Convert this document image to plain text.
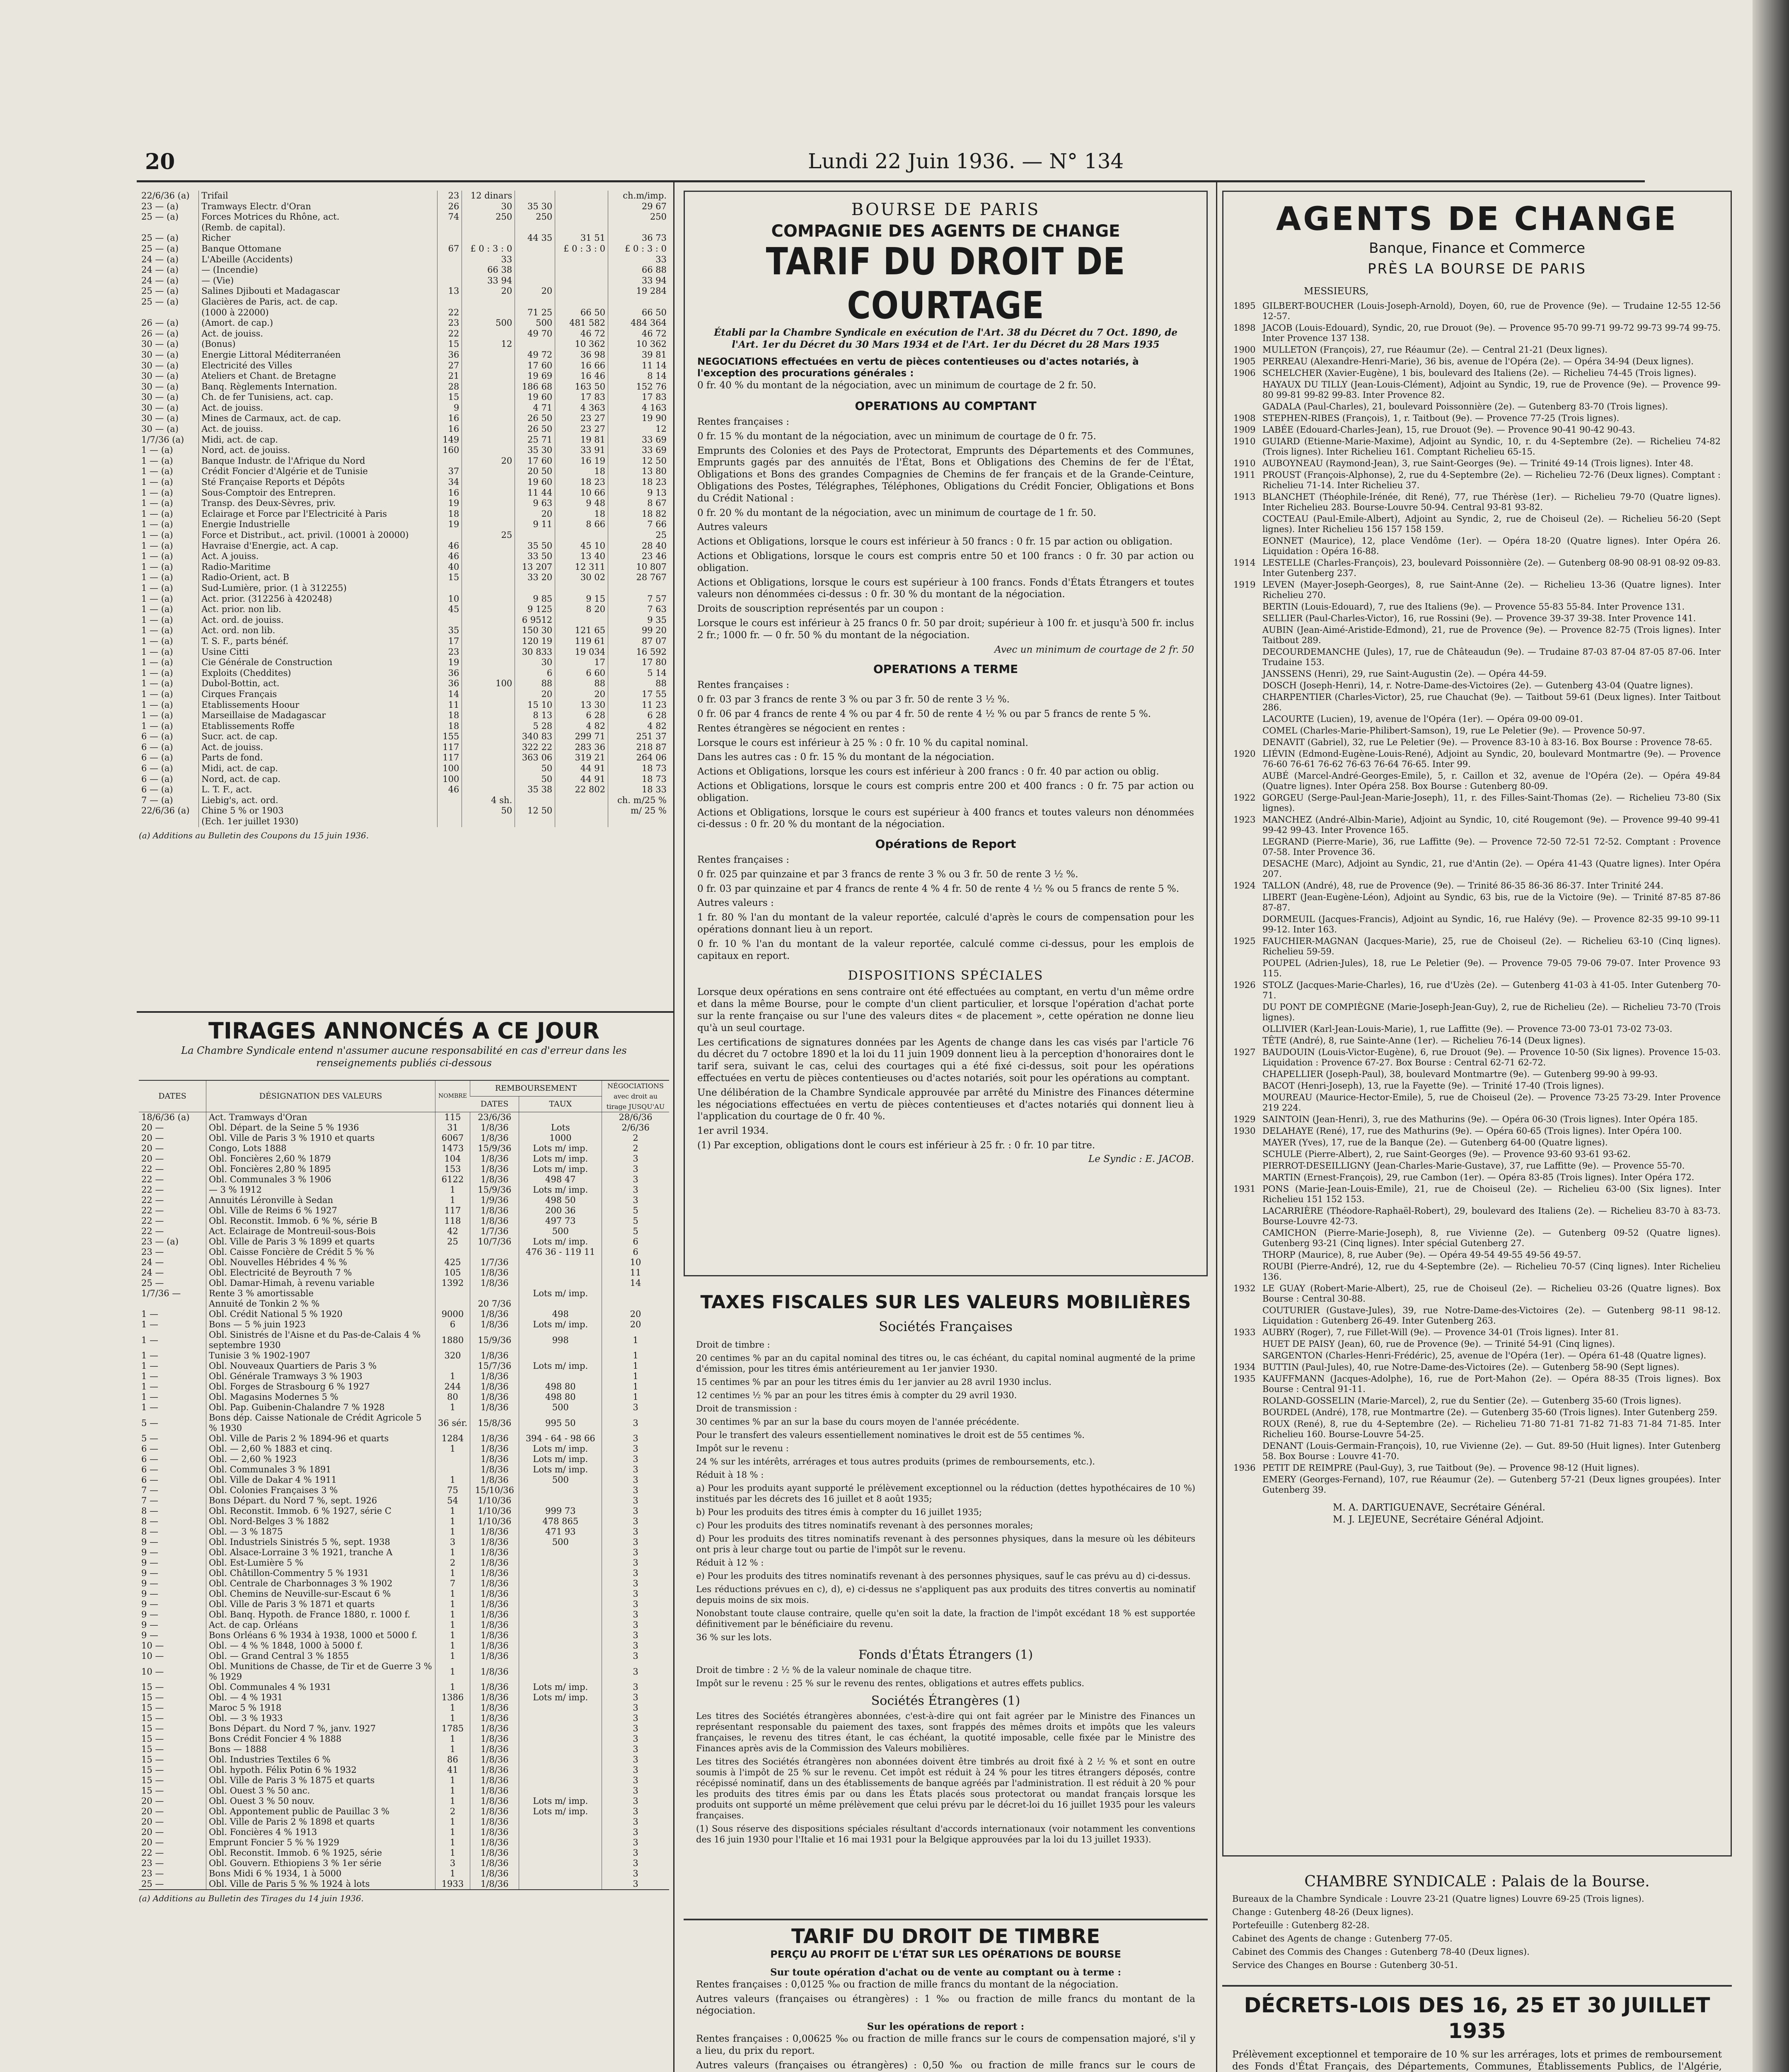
20	Lundi 22 Juin 1936. — N° 134
22/6/36 (a)	Trifail	23	12 dinars			ch.m/imp.
23 — (a)	Tramways Electr. d'Oran	26	30	35 30		29 67
25 — (a)	Forces Motrices du Rhône, act.	74	250	250		250
	(Remb. de capital).					
25 — (a)	Richer			44 35	31 51	36 73
25 — (a)	Banque Ottomane	67	£ 0 : 3 : 0		£ 0 : 3 : 0	£ 0 : 3 : 0
24 — (a)	L'Abeille (Accidents)		33			33
24 — (a)	— (Incendie)		66 38			66 88
24 — (a)	— (Vie)		33 94			33 94
25 — (a)	Salines Djibouti et Madagascar	13	20	20		19 284
25 — (a)	Glacières de Paris, act. de cap.					
	(1000 à 22000)	22		71 25	66 50	66 50
26 — (a)	(Amort. de cap.)	23	500	500	481 582	484 364
26 — (a)	Act. de jouiss.	22		49 70	46 72	46 72
30 — (a)	(Bonus)	15	12		10 362	10 362
30 — (a)	Energie Littoral Méditerranéen	36		49 72	36 98	39 81
30 — (a)	Electricité des Villes	27		17 60	16 66	11 14
30 — (a)	Ateliers et Chant. de Bretagne	21		19 69	16 46	8 14
30 — (a)	Banq. Règlements Internation.	28		186 68	163 50	152 76
30 — (a)	Ch. de fer Tunisiens, act. cap.	15		19 60	17 83	17 83
30 — (a)	Act. de jouiss.	9		4 71	4 363	4 163
30 — (a)	Mines de Carmaux, act. de cap.	16		26 50	23 27	19 90
30 — (a)	Act. de jouiss.	16		26 50	23 27	12
1/7/36 (a)	Midi, act. de cap.	149		25 71	19 81	33 69
1 — (a)	Nord, act. de jouiss.	160		35 30	33 91	33 69
1 — (a)	Banque Industr. de l'Afrique du Nord		20	17 60	16 19	12 50
1 — (a)	Crédit Foncier d'Algérie et de Tunisie	37		20 50	18	13 80
1 — (a)	Sté Française Reports et Dépôts	34		19 60	18 23	18 23
1 — (a)	Sous-Comptoir des Entrepren.	16		11 44	10 66	9 13
1 — (a)	Transp. des Deux-Sèvres, priv.	19		9 63	9 48	8 67
1 — (a)	Eclairage et Force par l'Electricité à Paris	18		20	18	18 82
1 — (a)	Energie Industrielle	19		9 11	8 66	7 66
1 — (a)	Force et Distribut., act. privil. (10001 à 20000)		25			25
1 — (a)	Havraise d'Energie, act. A cap.	46		35 50	45 10	28 40
1 — (a)	Act. A jouiss.	46		33 50	13 40	23 46
1 — (a)	Radio-Maritime	40		13 207	12 311	10 807
1 — (a)	Radio-Orient, act. B	15		33 20	30 02	28 767
1 — (a)	Sud-Lumière, prior. (1 à 312255)					
1 — (a)	Act. prior. (312256 à 420248)	10		9 85	9 15	7 57
1 — (a)	Act. prior. non lib.	45		9 125	8 20	7 63
1 — (a)	Act. ord. de jouiss.			6 9512		9 35
1 — (a)	Act. ord. non lib.	35		150 30	121 65	99 20
1 — (a)	T. S. F., parts bénéf.	17		120 19	119 61	87 07
1 — (a)	Usine Citti	23		30 833	19 034	16 592
1 — (a)	Cie Générale de Construction	19		30	17	17 80
1 — (a)	Exploits (Cheddites)	36		6	6 60	5 14
1 — (a)	Dubol-Bottin, act.	36	100	88	88	88
1 — (a)	Cirques Français	14		20	20	17 55
1 — (a)	Etablissements Hoour	11		15 10	13 30	11 23
1 — (a)	Marseillaise de Madagascar	18		8 13	6 28	6 28
1 — (a)	Etablissements Roffe	18		5 28	4 82	4 82
6 — (a)	Sucr. act. de cap.	155		340 83	299 71	251 37
6 — (a)	Act. de jouiss.	117		322 22	283 36	218 87
6 — (a)	Parts de fond.	117		363 06	319 21	264 06
6 — (a)	Midi, act. de cap.	100		50	44 91	18 73
6 — (a)	Nord, act. de cap.	100		50	44 91	18 73
6 — (a)	L. T. F., act.	46		35 38	22 802	18 33
7 — (a)	Liebig's, act. ord.		4 sh.			ch. m/25 %
22/6/36 (a)	Chine 5 % or 1903		50	12 50		m/ 25 %
	(Ech. 1er juillet 1930)					
(a) Additions au Bulletin des Coupons du 15 juin 1936.
TIRAGES ANNONCÉS A CE JOUR
La Chambre Syndicale entend n'assumer aucune responsabilité en cas d'erreur dans les renseignements publiés ci-dessous
DATES	DÉSIGNATION DES VALEURS	NOMBRE	REMBOURSEMENT		NÉGOCIATIONS avec droit au tirage JUSQU'AU
			DATES	TAUX	
18/6/36 (a)	Act. Tramways d'Oran	115	23/6/36		28/6/36
20 —	Obl. Départ. de la Seine 5 % 1936	31	1/8/36	Lots	2/6/36
20 —	Obl. Ville de Paris 3 % 1910 et quarts	6067	1/8/36	1000	2
20 —	Congo, Lots 1888	1473	15/9/36	Lots m/ imp.	2
20 —	Obl. Foncières 2,60 % 1879	104	1/8/36	Lots m/ imp.	3
22 —	Obl. Foncières 2,80 % 1895	153	1/8/36	Lots m/ imp.	3
22 —	Obl. Communales 3 % 1906	6122	1/8/36	498 47	3
22 —	— 3 % 1912	1	15/9/36	Lots m/ imp.	3
22 —	Annuités Léronville à Sedan	1	1/9/36	498 50	3
22 —	Obl. Ville de Reims 6 % 1927	117	1/8/36	200 36	5
22 —	Obl. Reconstit. Immob. 6 % %, série B	118	1/8/36	497 73	5
22 —	Act. Eclairage de Montreuil-sous-Bois	42	1/7/36	500	5
23 — (a)	Obl. Ville de Paris 3 % 1899 et quarts	25	10/7/36	Lots m/ imp.	6
23 —	Obl. Caisse Foncière de Crédit 5 % %			476 36 - 119 11	6
24 —	Obl. Nouvelles Hébrides 4 % %	425	1/7/36		10
24 —	Obl. Electricité de Beyrouth 7 %	105	1/8/36		11
25 —	Obl. Damar-Himah, à revenu variable	1392	1/8/36		14
1/7/36 —	Rente 3 % amortissable			Lots m/ imp.	
	Annuité de Tonkin 2 % %		20 7/36		
1 —	Obl. Crédit National 5 % 1920	9000	1/8/36	498	20
1 —	Bons — 5 % juin 1923	6	1/8/36	Lots m/ imp.	20
1 —	Obl. Sinistrés de l'Aisne et du Pas-de-Calais 4 % septembre 1930	1880	15/9/36	998	1
1 —	Tunisie 3 % 1902-1907	320	1/8/36		1
1 —	Obl. Nouveaux Quartiers de Paris 3 %		15/7/36	Lots m/ imp.	1
1 —	Obl. Générale Tramways 3 % 1903	1	1/8/36		1
1 —	Obl. Forges de Strasbourg 6 % 1927	244	1/8/36	498 80	1
1 —	Obl. Magasins Modernes 5 %	80	1/8/36	498 80	1
1 —	Obl. Pap. Guibenin-Chalandre 7 % 1928	1	1/8/36	500	3
5 —	Bons dép. Caisse Nationale de Crédit Agricole 5 % 1930	36 sér.	15/8/36	995 50	3
5 —	Obl. Ville de Paris 2 % 1894-96 et quarts	1284	1/8/36	394 - 64 - 98 66	3
6 —	Obl. — 2,60 % 1883 et cinq.	1	1/8/36	Lots m/ imp.	3
6 —	Obl. — 2,60 % 1923		1/8/36	Lots m/ imp.	3
6 —	Obl. Communales 3 % 1891		1/8/36	Lots m/ imp.	3
6 —	Obl. Ville de Dakar 4 % 1911	1	1/8/36	500	3
7 —	Obl. Colonies Françaises 3 %	75	15/10/36		3
7 —	Bons Départ. du Nord 7 %, sept. 1926	54	1/10/36		3
8 —	Obl. Reconstit. Immob. 6 % 1927, série C	1	1/10/36	999 73	3
8 —	Obl. Nord-Belges 3 % 1882	1	1/10/36	478 865	3
8 —	Obl. — 3 % 1875	1	1/8/36	471 93	3
9 —	Obl. Industriels Sinistrés 5 %, sept. 1938	3	1/8/36	500	3
9 —	Obl. Alsace-Lorraine 3 % 1921, tranche A	1	1/8/36		3
9 —	Obl. Est-Lumière 5 %	2	1/8/36		3
9 —	Obl. Châtillon-Commentry 5 % 1931	1	1/8/36		3
9 —	Obl. Centrale de Charbonnages 3 % 1902	7	1/8/36		3
9 —	Obl. Chemins de Neuville-sur-Escaut 6 %	1	1/8/36		3
9 —	Obl. Ville de Paris 3 % 1871 et quarts	1	1/8/36		3
9 —	Obl. Banq. Hypoth. de France 1880, r. 1000 f.	1	1/8/36		3
9 —	Act. de cap. Orléans	1	1/8/36		3
9 —	Bons Orléans 6 % 1934 à 1938, 1000 et 5000 f.	1	1/8/36		3
10 —	Obl. — 4 % % 1848, 1000 à 5000 f.	1	1/8/36		3
10 —	Obl. — Grand Central 3 % 1855	1	1/8/36		3
10 —	Obl. Munitions de Chasse, de Tir et de Guerre 3 % % 1929	1	1/8/36		3
15 —	Obl. Communales 4 % 1931	1	1/8/36	Lots m/ imp.	3
15 —	Obl. — 4 % 1931	1386	1/8/36	Lots m/ imp.	3
15 —	Maroc 5 % 1918	1	1/8/36		3
15 —	Obl. — 3 % 1933	1	1/8/36		3
15 —	Bons Départ. du Nord 7 %, janv. 1927	1785	1/8/36		3
15 —	Bons Crédit Foncier 4 % 1888	1	1/8/36		3
15 —	Bons — 1888	1	1/8/36		3
15 —	Obl. Industries Textiles 6 %	86	1/8/36		3
15 —	Obl. hypoth. Félix Potin 6 % 1932	41	1/8/36		3
15 —	Obl. Ville de Paris 3 % 1875 et quarts	1	1/8/36		3
15 —	Obl. Ouest 3 % 50 anc.	1	1/8/36		3
20 —	Obl. Ouest 3 % 50 nouv.	1	1/8/36	Lots m/ imp.	3
20 —	Obl. Appontement public de Pauillac 3 %	2	1/8/36	Lots m/ imp.	3
20 —	Obl. Ville de Paris 2 % 1898 et quarts	1	1/8/36		3
20 —	Obl. Foncières 4 % 1913	1	1/8/36		3
20 —	Emprunt Foncier 5 % % 1929	1	1/8/36		3
22 —	Obl. Reconstit. Immob. 6 % 1925, série	1	1/8/36		3
23 —	Obl. Gouvern. Ethiopiens 3 % 1er série	3	1/8/36		3
23 —	Bons Midi 6 % 1934, 1 à 5000	1	1/8/36		3
25 —	Obl. Ville de Paris 5 % % 1924 à lots	1933	1/8/36		3
(a) Additions au Bulletin des Tirages du 14 juin 1936.
BOURSE DE PARIS
COMPAGNIE DES AGENTS DE CHANGE
TARIF DU DROIT DE COURTAGE
Établi par la Chambre Syndicale en exécution de l'Art. 38 du Décret du 7 Oct. 1890, de l'Art. 1er du Décret du 30 Mars 1934 et de l'Art. 1er du Décret du 28 Mars 1935
NEGOCIATIONS effectuées en vertu de pièces contentieuses ou d'actes notariés, à l'exception des procurations générales :
0 fr. 40 % du montant de la négociation, avec un minimum de courtage de 2 fr. 50.
OPERATIONS AU COMPTANT

Rentes françaises :

0 fr. 15 % du montant de la négociation, avec un minimum de courtage de 0 fr. 75.

Emprunts des Colonies et des Pays de Protectorat, Emprunts des Départements et des Communes, Emprunts gagés par des annuités de l'État, Bons et Obligations des Chemins de fer de l'État, Obligations et Bons des grandes Compagnies de Chemins de fer français et de la Grande-Ceinture, Obligations des Postes, Télégraphes, Téléphones, Obligations du Crédit Foncier, Obligations et Bons du Crédit National :

0 fr. 20 % du montant de la négociation, avec un minimum de courtage de 1 fr. 50.

Autres valeurs

Actions et Obligations, lorsque le cours est inférieur à 50 francs : 0 fr. 15 par action ou obligation.

Actions et Obligations, lorsque le cours est compris entre 50 et 100 francs : 0 fr. 30 par action ou obligation.

Actions et Obligations, lorsque le cours est supérieur à 100 francs. Fonds d'États Étrangers et toutes valeurs non dénommées ci-dessus : 0 fr. 30 % du montant de la négociation.

Droits de souscription représentés par un coupon :

Lorsque le cours est inférieur à 25 francs 0 fr. 50 par droit; supérieur à 100 fr. et jusqu'à 500 fr. inclus 2 fr.; 1000 fr. — 0 fr. 50 % du montant de la négociation.

Avec un minimum de courtage de 2 fr. 50
OPERATIONS A TERME

Rentes françaises :

0 fr. 03 par 3 francs de rente 3 % ou par 3 fr. 50 de rente 3 ½ %.

0 fr. 06 par 4 francs de rente 4 % ou par 4 fr. 50 de rente 4 ½ % ou par 5 francs de rente 5 %.

Rentes étrangères se négocient en rentes :

Lorsque le cours est inférieur à 25 % : 0 fr. 10 % du capital nominal.

Dans les autres cas : 0 fr. 15 % du montant de la négociation.

Actions et Obligations, lorsque les cours est inférieur à 200 francs : 0 fr. 40 par action ou oblig.

Actions et Obligations, lorsque le cours est compris entre 200 et 400 francs : 0 fr. 75 par action ou obligation.

Actions et Obligations, lorsque le cours est supérieur à 400 francs et toutes valeurs non dénommées ci-dessus : 0 fr. 20 % du montant de la négociation.

Opérations de Report

Rentes françaises :

0 fr. 025 par quinzaine et par 3 francs de rente 3 % ou 3 fr. 50 de rente 3 ½ %.

0 fr. 03 par quinzaine et par 4 francs de rente 4 % 4 fr. 50 de rente 4 ½ % ou 5 francs de rente 5 %.

Autres valeurs :

1 fr. 80 % l'an du montant de la valeur reportée, calculé d'après le cours de compensation pour les opérations donnant lieu à un report.

0 fr. 10 % l'an du montant de la valeur reportée, calculé comme ci-dessus, pour les emplois de capitaux en report.

DISPOSITIONS SPÉCIALES

Lorsque deux opérations en sens contraire ont été effectuées au comptant, en vertu d'un même ordre et dans la même Bourse, pour le compte d'un client particulier, et lorsque l'opération d'achat porte sur la rente française ou sur l'une des valeurs dites « de placement », cette opération ne donne lieu qu'à un seul courtage.

Les certifications de signatures données par les Agents de change dans les cas visés par l'article 76 du décret du 7 octobre 1890 et la loi du 11 juin 1909 donnent lieu à la perception d'honoraires dont le tarif sera, suivant le cas, celui des courtages qui a été fixé ci-dessus, soit pour les opérations effectuées en vertu de pièces contentieuses ou d'actes notariés, soit pour les opérations au comptant.

Une délibération de la Chambre Syndicale approuvée par arrêté du Ministre des Finances détermine les négociations effectuées en vertu de pièces contentieuses et d'actes notariés qui donnent lieu à l'application du courtage de 0 fr. 40 %.

1er avril 1934.

(1) Par exception, obligations dont le cours est inférieur à 25 fr. : 0 fr. 10 par titre.

Le Syndic : E. JACOB.
TAXES FISCALES SUR LES VALEURS MOBILIÈRES
Sociétés Françaises

Droit de timbre :

20 centimes % par an du capital nominal des titres ou, le cas échéant, du capital nominal augmenté de la prime d'émission, pour les titres émis antérieurement au 1er janvier 1930.

15 centimes % par an pour les titres émis du 1er janvier au 28 avril 1930 inclus.

12 centimes ½ % par an pour les titres émis à compter du 29 avril 1930.

Droit de transmission :

30 centimes % par an sur la base du cours moyen de l'année précédente.

Pour le transfert des valeurs essentiellement nominatives le droit est de 55 centimes %.

Impôt sur le revenu :

24 % sur les intérêts, arrérages et tous autres produits (primes de remboursements, etc.).

Réduit à 18 % :

a) Pour les produits ayant supporté le prélèvement exceptionnel ou la réduction (dettes hypothécaires de 10 %) institués par les décrets des 16 juillet et 8 août 1935;

b) Pour les produits des titres émis à compter du 16 juillet 1935;

c) Pour les produits des titres nominatifs revenant à des personnes morales;

d) Pour les produits des titres nominatifs revenant à des personnes physiques, dans la mesure où les débiteurs ont pris à leur charge tout ou partie de l'impôt sur le revenu.

Réduit à 12 % :

e) Pour les produits des titres nominatifs revenant à des personnes physiques, sauf le cas prévu au d) ci-dessus.

Les réductions prévues en c), d), e) ci-dessus ne s'appliquent pas aux produits des titres convertis au nominatif depuis moins de six mois.

Nonobstant toute clause contraire, quelle qu'en soit la date, la fraction de l'impôt excédant 18 % est supportée définitivement par le bénéficiaire du revenu.

36 % sur les lots.

Fonds d'États Étrangers (1)

Droit de timbre : 2 ½ % de la valeur nominale de chaque titre.

Impôt sur le revenu : 25 % sur le revenu des rentes, obligations et autres effets publics.

Sociétés Étrangères (1)

Les titres des Sociétés étrangères abonnées, c'est-à-dire qui ont fait agréer par le Ministre des Finances un représentant responsable du paiement des taxes, sont frappés des mêmes droits et impôts que les valeurs françaises, le revenu des titres étant, le cas échéant, la quotité imposable, celle fixée par le Ministre des Finances après avis de la Commission des Valeurs mobilières.

Les titres des Sociétés étrangères non abonnées doivent être timbrés au droit fixé à 2 ½ % et sont en outre soumis à l'impôt de 25 % sur le revenu. Cet impôt est réduit à 24 % pour les titres étrangers déposés, contre récépissé nominatif, dans un des établissements de banque agréés par l'administration. Il est réduit à 20 % pour les produits des titres émis par ou dans les États placés sous protectorat ou mandat français lorsque les produits ont supporté un même prélèvement que celui prévu par le décret-loi du 16 juillet 1935 pour les valeurs françaises.

(1) Sous réserve des dispositions spéciales résultant d'accords internationaux (voir notamment les conventions des 16 juin 1930 pour l'Italie et 16 mai 1931 pour la Belgique approuvées par la loi du 13 juillet 1933).

TARIF DU DROIT DE TIMBRE
PERÇU AU PROFIT DE L'ÉTAT SUR LES OPÉRATIONS DE BOURSE
Sur toute opération d'achat ou de vente au comptant ou à terme :

Rentes françaises : 0,0125 ‰ ou fraction de mille francs du montant de la négociation.

Autres valeurs (françaises ou étrangères) : 1 ‰ ou fraction de mille francs du montant de la négociation.

Sur les opérations de report :

Rentes françaises : 0,00625 ‰ ou fraction de mille francs sur le cours de compensation majoré, s'il y a lieu, du prix du report.

Autres valeurs (françaises ou étrangères) : 0,50 ‰ ou fraction de mille francs sur le cours de

AGENTS DE CHANGE
Banque, Finance et Commerce
PRÈS LA BOURSE DE PARIS
MESSIEURS,
1895 GILBERT-BOUCHER (Louis-Joseph-Arnold), Doyen, 60, rue de Provence (9e). — Trudaine 12-55 12-56 12-57.
1898 JACOB (Louis-Edouard), Syndic, 20, rue Drouot (9e). — Provence 95-70 99-71 99-72 99-73 99-74 99-75. Inter Provence 137 138.
1900 MULLETON (François), 27, rue Réaumur (2e). — Central 21-21 (Deux lignes).
1905 PERREAU (Alexandre-Henri-Marie), 36 bis, avenue de l'Opéra (2e). — Opéra 34-94 (Deux lignes).
1906 SCHELCHER (Xavier-Eugène), 1 bis, boulevard des Italiens (2e). — Richelieu 74-45 (Trois lignes).
HAYAUX DU TILLY (Jean-Louis-Clément), Adjoint au Syndic, 19, rue de Provence (9e). — Provence 99-80 99-81 99-82 99-83. Inter Provence 82.
GADALA (Paul-Charles), 21, boulevard Poissonnière (2e). — Gutenberg 83-70 (Trois lignes).
1908 STEPHEN-RIBES (François), 1, r. Taitbout (9e). — Provence 77-25 (Trois lignes).
1909 LABÉE (Edouard-Charles-Jean), 15, rue Drouot (9e). — Provence 90-41 90-42 90-43.
1910 GUIARD (Etienne-Marie-Maxime), Adjoint au Syndic, 10, r. du 4-Septembre (2e). — Richelieu 74-82 (Trois lignes). Inter Richelieu 161. Comptant Richelieu 65-15.
1910 AUBOYNEAU (Raymond-Jean), 3, rue Saint-Georges (9e). — Trinité 49-14 (Trois lignes). Inter 48.
1911 PROUST (François-Alphonse), 2, rue du 4-Septembre (2e). — Richelieu 72-76 (Deux lignes). Comptant : Richelieu 71-14. Inter Richelieu 37.
1913 BLANCHET (Théophile-Irénée, dit René), 77, rue Thérèse (1er). — Richelieu 79-70 (Quatre lignes). Inter Richelieu 283. Bourse-Louvre 50-94. Central 93-81 93-82.
COCTEAU (Paul-Emile-Albert), Adjoint au Syndic, 2, rue de Choiseul (2e). — Richelieu 56-20 (Sept lignes). Inter Richelieu 156 157 158 159.
EONNET (Maurice), 12, place Vendôme (1er). — Opéra 18-20 (Quatre lignes). Inter Opéra 26. Liquidation : Opéra 16-88.
1914 LESTELLE (Charles-François), 23, boulevard Poissonnière (2e). — Gutenberg 08-90 08-91 08-92 09-83. Inter Gutenberg 237.
1919 LEVEN (Mayer-Joseph-Georges), 8, rue Saint-Anne (2e). — Richelieu 13-36 (Quatre lignes). Inter Richelieu 270.
BERTIN (Louis-Edouard), 7, rue des Italiens (9e). — Provence 55-83 55-84. Inter Provence 131.
SELLIER (Paul-Charles-Victor), 16, rue Rossini (9e). — Provence 39-37 39-38. Inter Provence 141.
AUBIN (Jean-Aimé-Aristide-Edmond), 21, rue de Provence (9e). — Provence 82-75 (Trois lignes). Inter Taitbout 289.
DECOURDEMANCHE (Jules), 17, rue de Châteaudun (9e). — Trudaine 87-03 87-04 87-05 87-06. Inter Trudaine 153.
JANSSENS (Henri), 29, rue Saint-Augustin (2e). — Opéra 44-59.
DOSCH (Joseph-Henri), 14, r. Notre-Dame-des-Victoires (2e). — Gutenberg 43-04 (Quatre lignes).
CHARPENTIER (Charles-Victor), 25, rue Chauchat (9e). — Taitbout 59-61 (Deux lignes). Inter Taitbout 286.
LACOURTE (Lucien), 19, avenue de l'Opéra (1er). — Opéra 09-00 09-01.
COMEL (Charles-Marie-Philibert-Samson), 19, rue Le Peletier (9e). — Provence 50-97.
DENAVIT (Gabriel), 32, rue Le Peletier (9e). — Provence 83-10 à 83-16. Box Bourse : Provence 78-65.
1920 LIÉVIN (Edmond-Eugène-Louis-René), Adjoint au Syndic, 20, boulevard Montmartre (9e). — Provence 76-60 76-61 76-62 76-63 76-64 76-65. Inter 99.
AUBÉ (Marcel-André-Georges-Emile), 5, r. Caillon et 32, avenue de l'Opéra (2e). — Opéra 49-84 (Quatre lignes). Inter Opéra 258. Box Bourse : Gutenberg 80-09.
1922 GORGEU (Serge-Paul-Jean-Marie-Joseph), 11, r. des Filles-Saint-Thomas (2e). — Richelieu 73-80 (Six lignes).
1923 MANCHEZ (André-Albin-Marie), Adjoint au Syndic, 10, cité Rougemont (9e). — Provence 99-40 99-41 99-42 99-43. Inter Provence 165.
LEGRAND (Pierre-Marie), 36, rue Laffitte (9e). — Provence 72-50 72-51 72-52. Comptant : Provence 07-58. Inter Provence 36.
DESACHE (Marc), Adjoint au Syndic, 21, rue d'Antin (2e). — Opéra 41-43 (Quatre lignes). Inter Opéra 207.
1924 TALLON (André), 48, rue de Provence (9e). — Trinité 86-35 86-36 86-37. Inter Trinité 244.
LIBERT (Jean-Eugène-Léon), Adjoint au Syndic, 63 bis, rue de la Victoire (9e). — Trinité 87-85 87-86 87-87.
DORMEUIL (Jacques-Francis), Adjoint au Syndic, 16, rue Halévy (9e). — Provence 82-35 99-10 99-11 99-12. Inter 163.
1925 FAUCHIER-MAGNAN (Jacques-Marie), 25, rue de Choiseul (2e). — Richelieu 63-10 (Cinq lignes). Richelieu 59-59.
POUPEL (Adrien-Jules), 18, rue Le Peletier (9e). — Provence 79-05 79-06 79-07. Inter Provence 93 115.
1926 STOLZ (Jacques-Marie-Charles), 16, rue d'Uzès (2e). — Gutenberg 41-03 à 41-05. Inter Gutenberg 70-71.
DU PONT DE COMPIÈGNE (Marie-Joseph-Jean-Guy), 2, rue de Richelieu (2e). — Richelieu 73-70 (Trois lignes).
OLLIVIER (Karl-Jean-Louis-Marie), 1, rue Laffitte (9e). — Provence 73-00 73-01 73-02 73-03.
TÊTE (André), 8, rue Sainte-Anne (1er). — Richelieu 76-14 (Deux lignes).
1927 BAUDOUIN (Louis-Victor-Eugène), 6, rue Drouot (9e). — Provence 10-50 (Six lignes). Provence 15-03. Liquidation : Provence 67-27. Box Bourse : Central 62-71 62-72.
CHAPELLIER (Joseph-Paul), 38, boulevard Montmartre (9e). — Gutenberg 99-90 à 99-93.
BACOT (Henri-Joseph), 13, rue la Fayette (9e). — Trinité 17-40 (Trois lignes).
MOUREAU (Maurice-Hector-Emile), 5, rue de Choiseul (2e). — Provence 73-25 73-29. Inter Provence 219 224.
1929 SAINTOIN (Jean-Henri), 3, rue des Mathurins (9e). — Opéra 06-30 (Trois lignes). Inter Opéra 185.
1930 DELAHAYE (René), 17, rue des Mathurins (9e). — Opéra 60-65 (Trois lignes). Inter Opéra 100.
MAYER (Yves), 17, rue de la Banque (2e). — Gutenberg 64-00 (Quatre lignes).
SCHULE (Pierre-Albert), 2, rue Saint-Georges (9e). — Provence 93-60 93-61 93-62.
PIERROT-DESEILLIGNY (Jean-Charles-Marie-Gustave), 37, rue Laffitte (9e). — Provence 55-70.
MARTIN (Ernest-François), 29, rue Cambon (1er). — Opéra 83-85 (Trois lignes). Inter Opéra 172.
1931 PONS (Marie-Jean-Louis-Emile), 21, rue de Choiseul (2e). — Richelieu 63-00 (Six lignes). Inter Richelieu 151 152 153.
LACARRIÈRE (Théodore-Raphaël-Robert), 29, boulevard des Italiens (2e). — Richelieu 83-70 à 83-73. Bourse-Louvre 42-73.
CAMICHON (Pierre-Marie-Joseph), 8, rue Vivienne (2e). — Gutenberg 09-52 (Quatre lignes). Gutenberg 93-21 (Cinq lignes). Inter spécial Gutenberg 27.
THORP (Maurice), 8, rue Auber (9e). — Opéra 49-54 49-55 49-56 49-57.
ROUBI (Pierre-André), 12, rue du 4-Septembre (2e). — Richelieu 70-57 (Cinq lignes). Inter Richelieu 136.
1932 LE GUAY (Robert-Marie-Albert), 25, rue de Choiseul (2e). — Richelieu 03-26 (Quatre lignes). Box Bourse : Central 30-88.
COUTURIER (Gustave-Jules), 39, rue Notre-Dame-des-Victoires (2e). — Gutenberg 98-11 98-12. Liquidation : Gutenberg 26-49. Inter Gutenberg 263.
1933 AUBRY (Roger), 7, rue Fillet-Will (9e). — Provence 34-01 (Trois lignes). Inter 81.
HUET DE PAISY (Jean), 60, rue de Provence (9e). — Trinité 54-91 (Cinq lignes).
SARGENTON (Charles-Henri-Frédéric), 25, avenue de l'Opéra (1er). — Opéra 61-48 (Quatre lignes).
1934 BUTTIN (Paul-Jules), 40, rue Notre-Dame-des-Victoires (2e). — Gutenberg 58-90 (Sept lignes).
1935 KAUFFMANN (Jacques-Adolphe), 16, rue de Port-Mahon (2e). — Opéra 88-35 (Trois lignes). Box Bourse : Central 91-11.
ROLAND-GOSSELIN (Marie-Marcel), 2, rue du Sentier (2e). — Gutenberg 35-60 (Trois lignes).
BOURDEL (André), 178, rue Montmartre (2e). — Gutenberg 35-60 (Trois lignes). Inter Gutenberg 259.
ROUX (René), 8, rue du 4-Septembre (2e). — Richelieu 71-80 71-81 71-82 71-83 71-84 71-85. Inter Richelieu 160. Bourse-Louvre 54-25.
DENANT (Louis-Germain-François), 10, rue Vivienne (2e). — Gut. 89-50 (Huit lignes). Inter Gutenberg 58. Box Bourse : Louvre 41-70.
1936 PETIT DE REIMPRE (Paul-Guy), 3, rue Taitbout (9e). — Provence 98-12 (Huit lignes).
EMERY (Georges-Fernand), 107, rue Réaumur (2e). — Gutenberg 57-21 (Deux lignes groupées). Inter Gutenberg 39.
M. A. DARTIGUENAVE, Secrétaire Général.
M. J. LEJEUNE, Secrétaire Général Adjoint.
CHAMBRE SYNDICALE : Palais de la Bourse.

Bureaux de la Chambre Syndicale : Louvre 23-21 (Quatre lignes) Louvre 69-25 (Trois lignes).

Change : Gutenberg 48-26 (Deux lignes).

Portefeuille : Gutenberg 82-28.

Cabinet des Agents de change : Gutenberg 77-05.

Cabinet des Commis des Changes : Gutenberg 78-40 (Deux lignes).

Service des Changes en Bourse : Gutenberg 30-51.

DÉCRETS-LOIS DES 16, 25 ET 30 JUILLET 1935
Prélèvement exceptionnel et temporaire de 10 % sur les arrérages, lots et primes de remboursement des Fonds d'État Français, des Départements, Communes, Établissements Publics, de l'Algérie,
